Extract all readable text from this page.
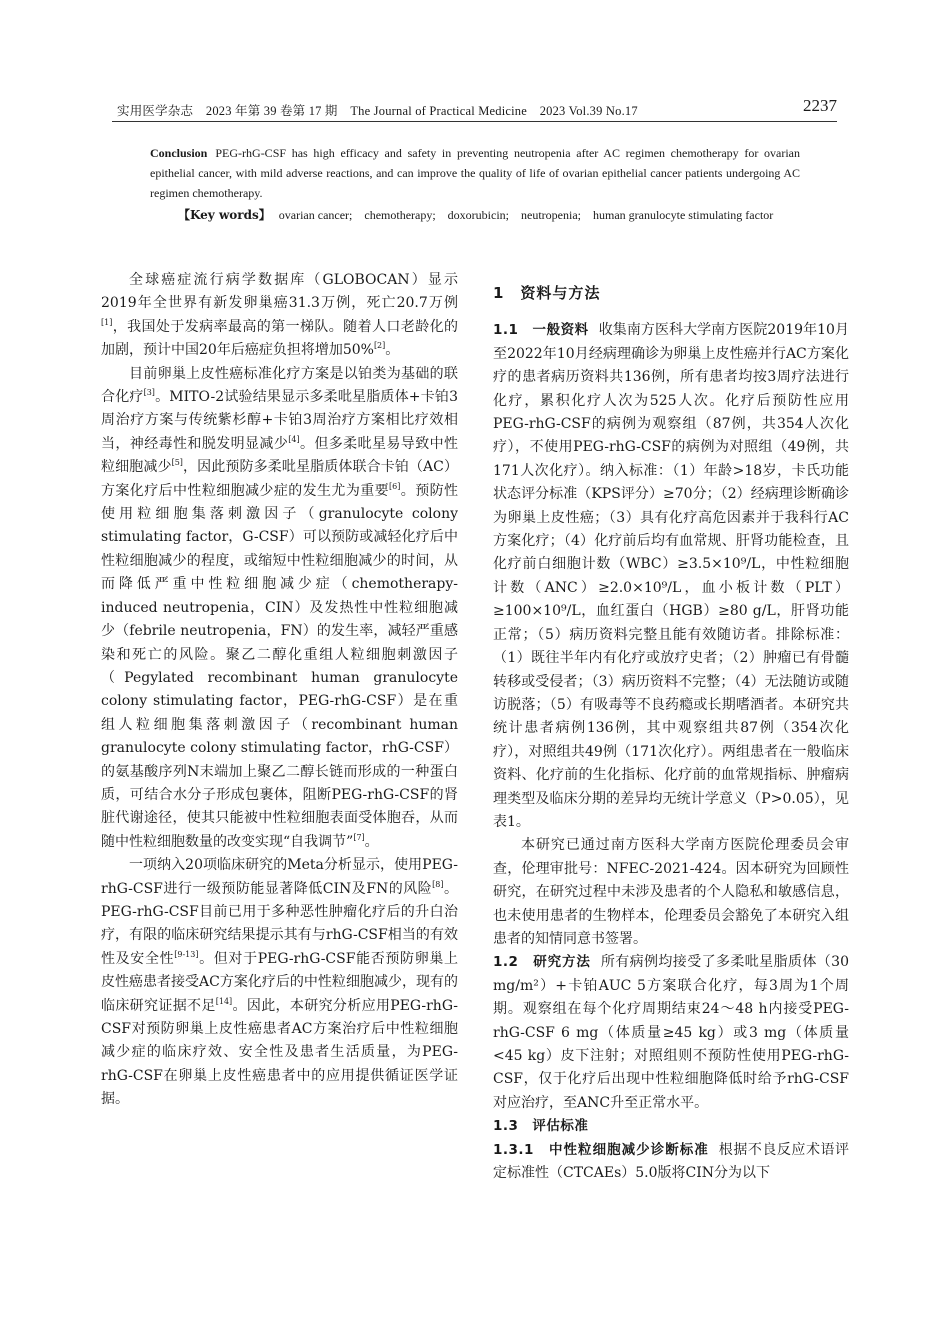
实用医学杂志　2023 年第 39 卷第 17 期　The Journal of Practical Medicine　2023 Vol.39 No.17	2237

Conclusion PEG-rhG-CSF has high efficacy and safety in preventing neutropenia after AC regimen chemotherapy for ovarian epithelial cancer, with mild adverse reactions, and can improve the quality of life of ovarian epithelial cancer patients undergoing AC regimen chemotherapy.

【Key words】 ovarian cancer;　chemotherapy;　doxorubicin;　neutropenia;　human granulocyte stimulating factor

全球癌症流行病学数据库（GLOBOCAN）显示2019年全世界有新发卵巢癌31.3万例，死亡20.7万例[1]，我国处于发病率最高的第一梯队。随着人口老龄化的加剧，预计中国20年后癌症负担将增加50%[2]。

目前卵巢上皮性癌标准化疗方案是以铂类为基础的联合化疗[3]。MITO-2试验结果显示多柔吡星脂质体+卡铂3周治疗方案与传统紫杉醇+卡铂3周治疗方案相比疗效相当，神经毒性和脱发明显减少[4]。但多柔吡星易导致中性粒细胞减少[5]，因此预防多柔吡星脂质体联合卡铂（AC）方案化疗后中性粒细胞减少症的发生尤为重要[6]。预防性使用粒细胞集落刺激因子（granulocyte colony stimulating factor，G-CSF）可以预防或减轻化疗后中性粒细胞减少的程度，或缩短中性粒细胞减少的时间，从而降低严重中性粒细胞减少症（chemotherapy-induced neutropenia，CIN）及发热性中性粒细胞减少（febrile neutropenia，FN）的发生率，减轻严重感染和死亡的风险。聚乙二醇化重组人粒细胞刺激因子（Pegylated recombinant human granulocyte colony stimulating factor，PEG-rhG-CSF）是在重组人粒细胞集落刺激因子（recombinant human granulocyte colony stimulating factor，rhG-CSF）的氨基酸序列N末端加上聚乙二醇长链而形成的一种蛋白质，可结合水分子形成包裹体，阻断PEG-rhG-CSF的肾脏代谢途径，使其只能被中性粒细胞表面受体胞吞，从而随中性粒细胞数量的改变实现“自我调节”[7]。

一项纳入20项临床研究的Meta分析显示，使用PEG-rhG-CSF进行一级预防能显著降低CIN及FN的风险[8]。PEG-rhG-CSF目前已用于多种恶性肿瘤化疗后的升白治疗，有限的临床研究结果提示其有与rhG-CSF相当的有效性及安全性[9-13]。但对于PEG-rhG-CSF能否预防卵巢上皮性癌患者接受AC方案化疗后的中性粒细胞减少，现有的临床研究证据不足[14]。因此，本研究分析应用PEG-rhG-CSF对预防卵巢上皮性癌患者AC方案治疗后中性粒细胞减少症的临床疗效、安全性及患者生活质量，为PEG-rhG-CSF在卵巢上皮性癌患者中的应用提供循证医学证据。

1　资料与方法

1.1　一般资料 收集南方医科大学南方医院2019年10月至2022年10月经病理确诊为卵巢上皮性癌并行AC方案化疗的患者病历资料共136例，所有患者均按3周疗法进行化疗，累积化疗人次为525人次。化疗后预防性应用PEG-rhG-CSF的病例为观察组（87例，共354人次化疗），不使用PEG-rhG-CSF的病例为对照组（49例，共171人次化疗）。纳入标准：（1）年龄>18岁，卡氏功能状态评分标准（KPS评分）≥70分；（2）经病理诊断确诊为卵巢上皮性癌；（3）具有化疗高危因素并于我科行AC方案化疗；（4）化疗前后均有血常规、肝肾功能检查，且化疗前白细胞计数（WBC）≥3.5×10⁹/L，中性粒细胞计数（ANC）≥2.0×10⁹/L，血小板计数（PLT）≥100×10⁹/L，血红蛋白（HGB）≥80 g/L，肝肾功能正常；（5）病历资料完整且能有效随访者。排除标准：（1）既往半年内有化疗或放疗史者；（2）肿瘤已有骨髓转移或受侵者；（3）病历资料不完整；（4）无法随访或随访脱落；（5）有吸毒等不良药瘾或长期嗜酒者。本研究共统计患者病例136例，其中观察组共87例（354次化疗），对照组共49例（171次化疗）。两组患者在一般临床资料、化疗前的生化指标、化疗前的血常规指标、肿瘤病理类型及临床分期的差异均无统计学意义（P>0.05），见表1。

本研究已通过南方医科大学南方医院伦理委员会审查，伦理审批号：NFEC-2021-424。因本研究为回顾性研究，在研究过程中未涉及患者的个人隐私和敏感信息，也未使用患者的生物样本，伦理委员会豁免了本研究入组患者的知情同意书签署。

1.2　研究方法 所有病例均接受了多柔吡星脂质体（30 mg/m²）+卡铂AUC 5方案联合化疗，每3周为1个周期。观察组在每个化疗周期结束24～48 h内接受PEG-rhG-CSF 6 mg（体质量≥45 kg）或3 mg（体质量<45 kg）皮下注射；对照组则不预防性使用PEG-rhG-CSF，仅于化疗后出现中性粒细胞降低时给予rhG-CSF对应治疗，至ANC升至正常水平。

1.3　评估标准

1.3.1　中性粒细胞减少诊断标准 根据不良反应术语评定标准性（CTCAEs）5.0版将CIN分为以下
